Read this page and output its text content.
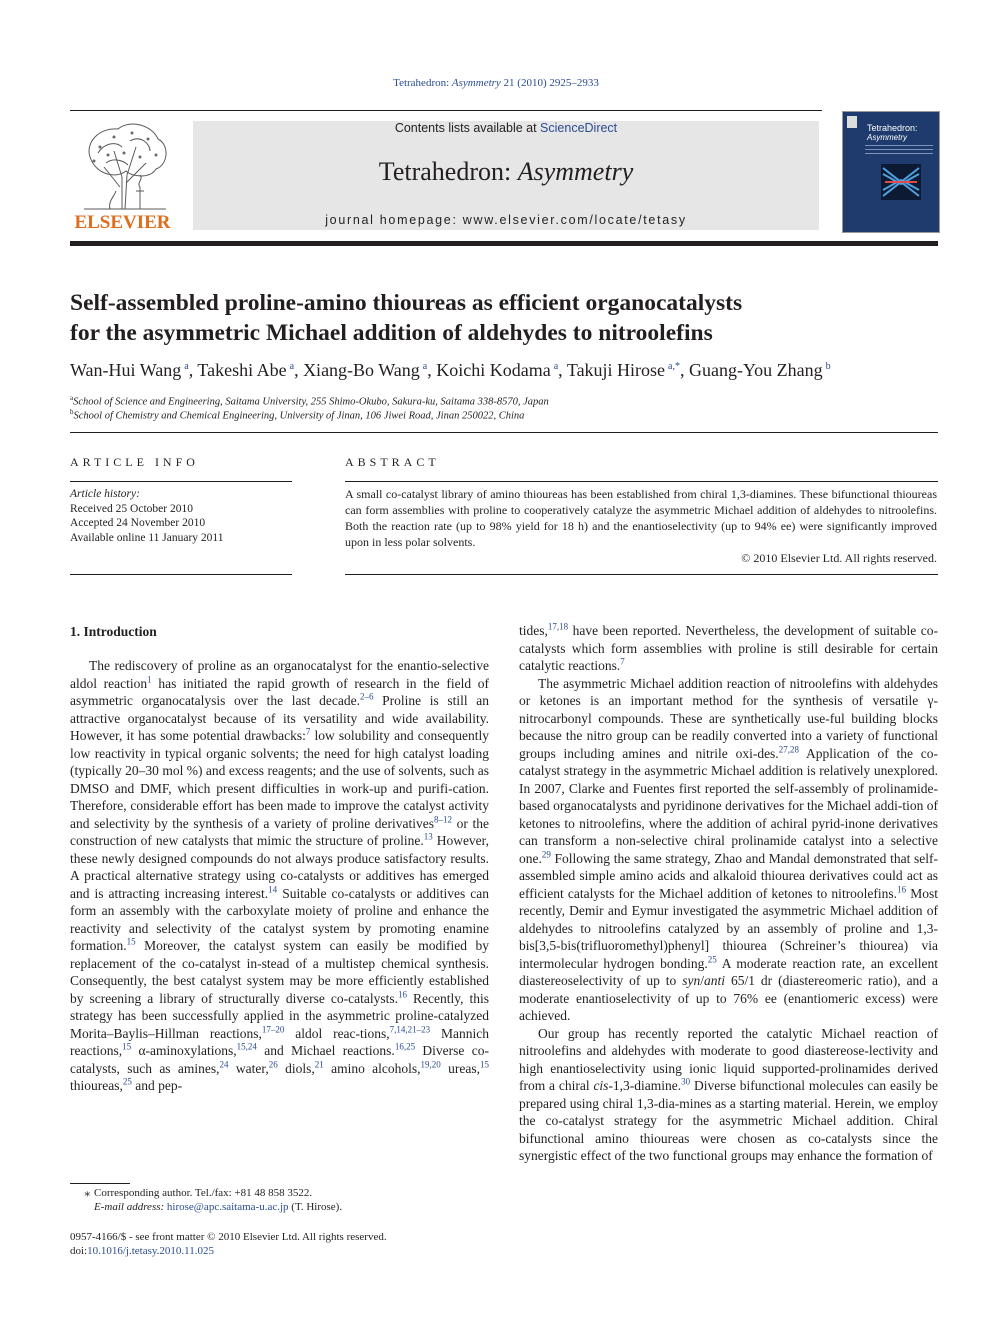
Tetrahedron: Asymmetry 21 (2010) 2925–2933
ELSEVIER
Contents lists available at ScienceDirect
Tetrahedron: Asymmetry
journal homepage: www.elsevier.com/locate/tetasy
Tetrahedron:
Asymmetry
Self-assembled proline-amino thioureas as efficient organocatalysts
for the asymmetric Michael addition of aldehydes to nitroolefins
Wan-Hui Wang $^a$, Takeshi Abe $^a$, Xiang-Bo Wang $^a$, Koichi Kodama $^a$, Takuji Hirose $^{a,*}$, Guang-You Zhang $^b$
$^a$School of Science and Engineering, Saitama University, 255 Shimo-Okubo, Sakura-ku, Saitama 338-8570, Japan
$^b$School of Chemistry and Chemical Engineering, University of Jinan, 106 Jiwei Road, Jinan 250022, China
ARTICLE INFO
Article history:
Received 25 October 2010
Accepted 24 November 2010
Available online 11 January 2011
ABSTRACT
A small co-catalyst library of amino thioureas has been established from chiral 1,3-diamines. These bifunctional thioureas can form assemblies with proline to cooperatively catalyze the asymmetric Michael addition of aldehydes to nitroolefins. Both the reaction rate (up to 98% yield for 18 h) and the enantioselectivity (up to 94% ee) were significantly improved upon in less polar solvents.
© 2010 Elsevier Ltd. All rights reserved.
1. Introduction

The rediscovery of proline as an organocatalyst for the enantio-selective aldol reaction$^1$ has initiated the rapid growth of research in the field of asymmetric organocatalysis over the last decade.$^{2-6}$ Proline is still an attractive organocatalyst because of its versatility and wide availability. However, it has some potential drawbacks:$^7$ low solubility and consequently low reactivity in typical organic solvents; the need for high catalyst loading (typically 20–30 mol %) and excess reagents; and the use of solvents, such as DMSO and DMF, which present difficulties in work-up and purifi-cation. Therefore, considerable effort has been made to improve the catalyst activity and selectivity by the synthesis of a variety of proline derivatives$^{8-12}$ or the construction of new catalysts that mimic the structure of proline.$^{13}$ However, these newly designed compounds do not always produce satisfactory results. A practical alternative strategy using co-catalysts or additives has emerged and is attracting increasing interest.$^{14}$ Suitable co-catalysts or additives can form an assembly with the carboxylate moiety of proline and enhance the reactivity and selectivity of the catalyst system by promoting enamine formation.$^{15}$ Moreover, the catalyst system can easily be modified by replacement of the co-catalyst in-stead of a multistep chemical synthesis. Consequently, the best catalyst system may be more efficiently established by screening a library of structurally diverse co-catalysts.$^{16}$ Recently, this strategy has been successfully applied in the asymmetric proline-catalyzed Morita–Baylis–Hillman reactions,$^{17-20}$ aldol reac-tions,$^{7,14,21-23}$ Mannich reactions,$^{15}$ α-aminoxylations,$^{15,24}$ and Michael reactions.$^{16,25}$ Diverse co-catalysts, such as amines,$^{24}$ water,$^{26}$ diols,$^{21}$ amino alcohols,$^{19,20}$ ureas,$^{15}$ thioureas,$^{25}$ and pep-

tides,$^{17,18}$ have been reported. Nevertheless, the development of suitable co-catalysts which form assemblies with proline is still desirable for certain catalytic reactions.$^7$

The asymmetric Michael addition reaction of nitroolefins with aldehydes or ketones is an important method for the synthesis of versatile γ-nitrocarbonyl compounds. These are synthetically use-ful building blocks because the nitro group can be readily converted into a variety of functional groups including amines and nitrile oxi-des.$^{27,28}$ Application of the co-catalyst strategy in the asymmetric Michael addition is relatively unexplored. In 2007, Clarke and Fuentes first reported the self-assembly of prolinamide-based organocatalysts and pyridinone derivatives for the Michael addi-tion of ketones to nitroolefins, where the addition of achiral pyrid-inone derivatives can transform a non-selective chiral prolinamide catalyst into a selective one.$^{29}$ Following the same strategy, Zhao and Mandal demonstrated that self-assembled simple amino acids and alkaloid thiourea derivatives could act as efficient catalysts for the Michael addition of ketones to nitroolefins.$^{16}$ Most recently, Demir and Eymur investigated the asymmetric Michael addition of aldehydes to nitroolefins catalyzed by an assembly of proline and 1,3-bis[3,5-bis(trifluoromethyl)phenyl] thiourea (Schreiner’s thiourea) via intermolecular hydrogen bonding.$^{25}$ A moderate reaction rate, an excellent diastereoselectivity of up to syn/anti 65/1 dr (diastereomeric ratio), and a moderate enantioselectivity of up to 76% ee (enantiomeric excess) were achieved.

Our group has recently reported the catalytic Michael reaction of nitroolefins and aldehydes with moderate to good diastereose-lectivity and high enantioselectivity using ionic liquid supported-prolinamides derived from a chiral cis-1,3-diamine.$^{30}$ Diverse bifunctional molecules can easily be prepared using chiral 1,3-dia-mines as a starting material. Herein, we employ the co-catalyst strategy for the asymmetric Michael addition. Chiral bifunctional amino thioureas were chosen as co-catalysts since the synergistic effect of the two functional groups may enhance the formation of

⁎ Corresponding author. Tel./fax: +81 48 858 3522.
E-mail address: hirose@apc.saitama-u.ac.jp (T. Hirose).
0957-4166/$ - see front matter © 2010 Elsevier Ltd. All rights reserved.
doi:10.1016/j.tetasy.2010.11.025
